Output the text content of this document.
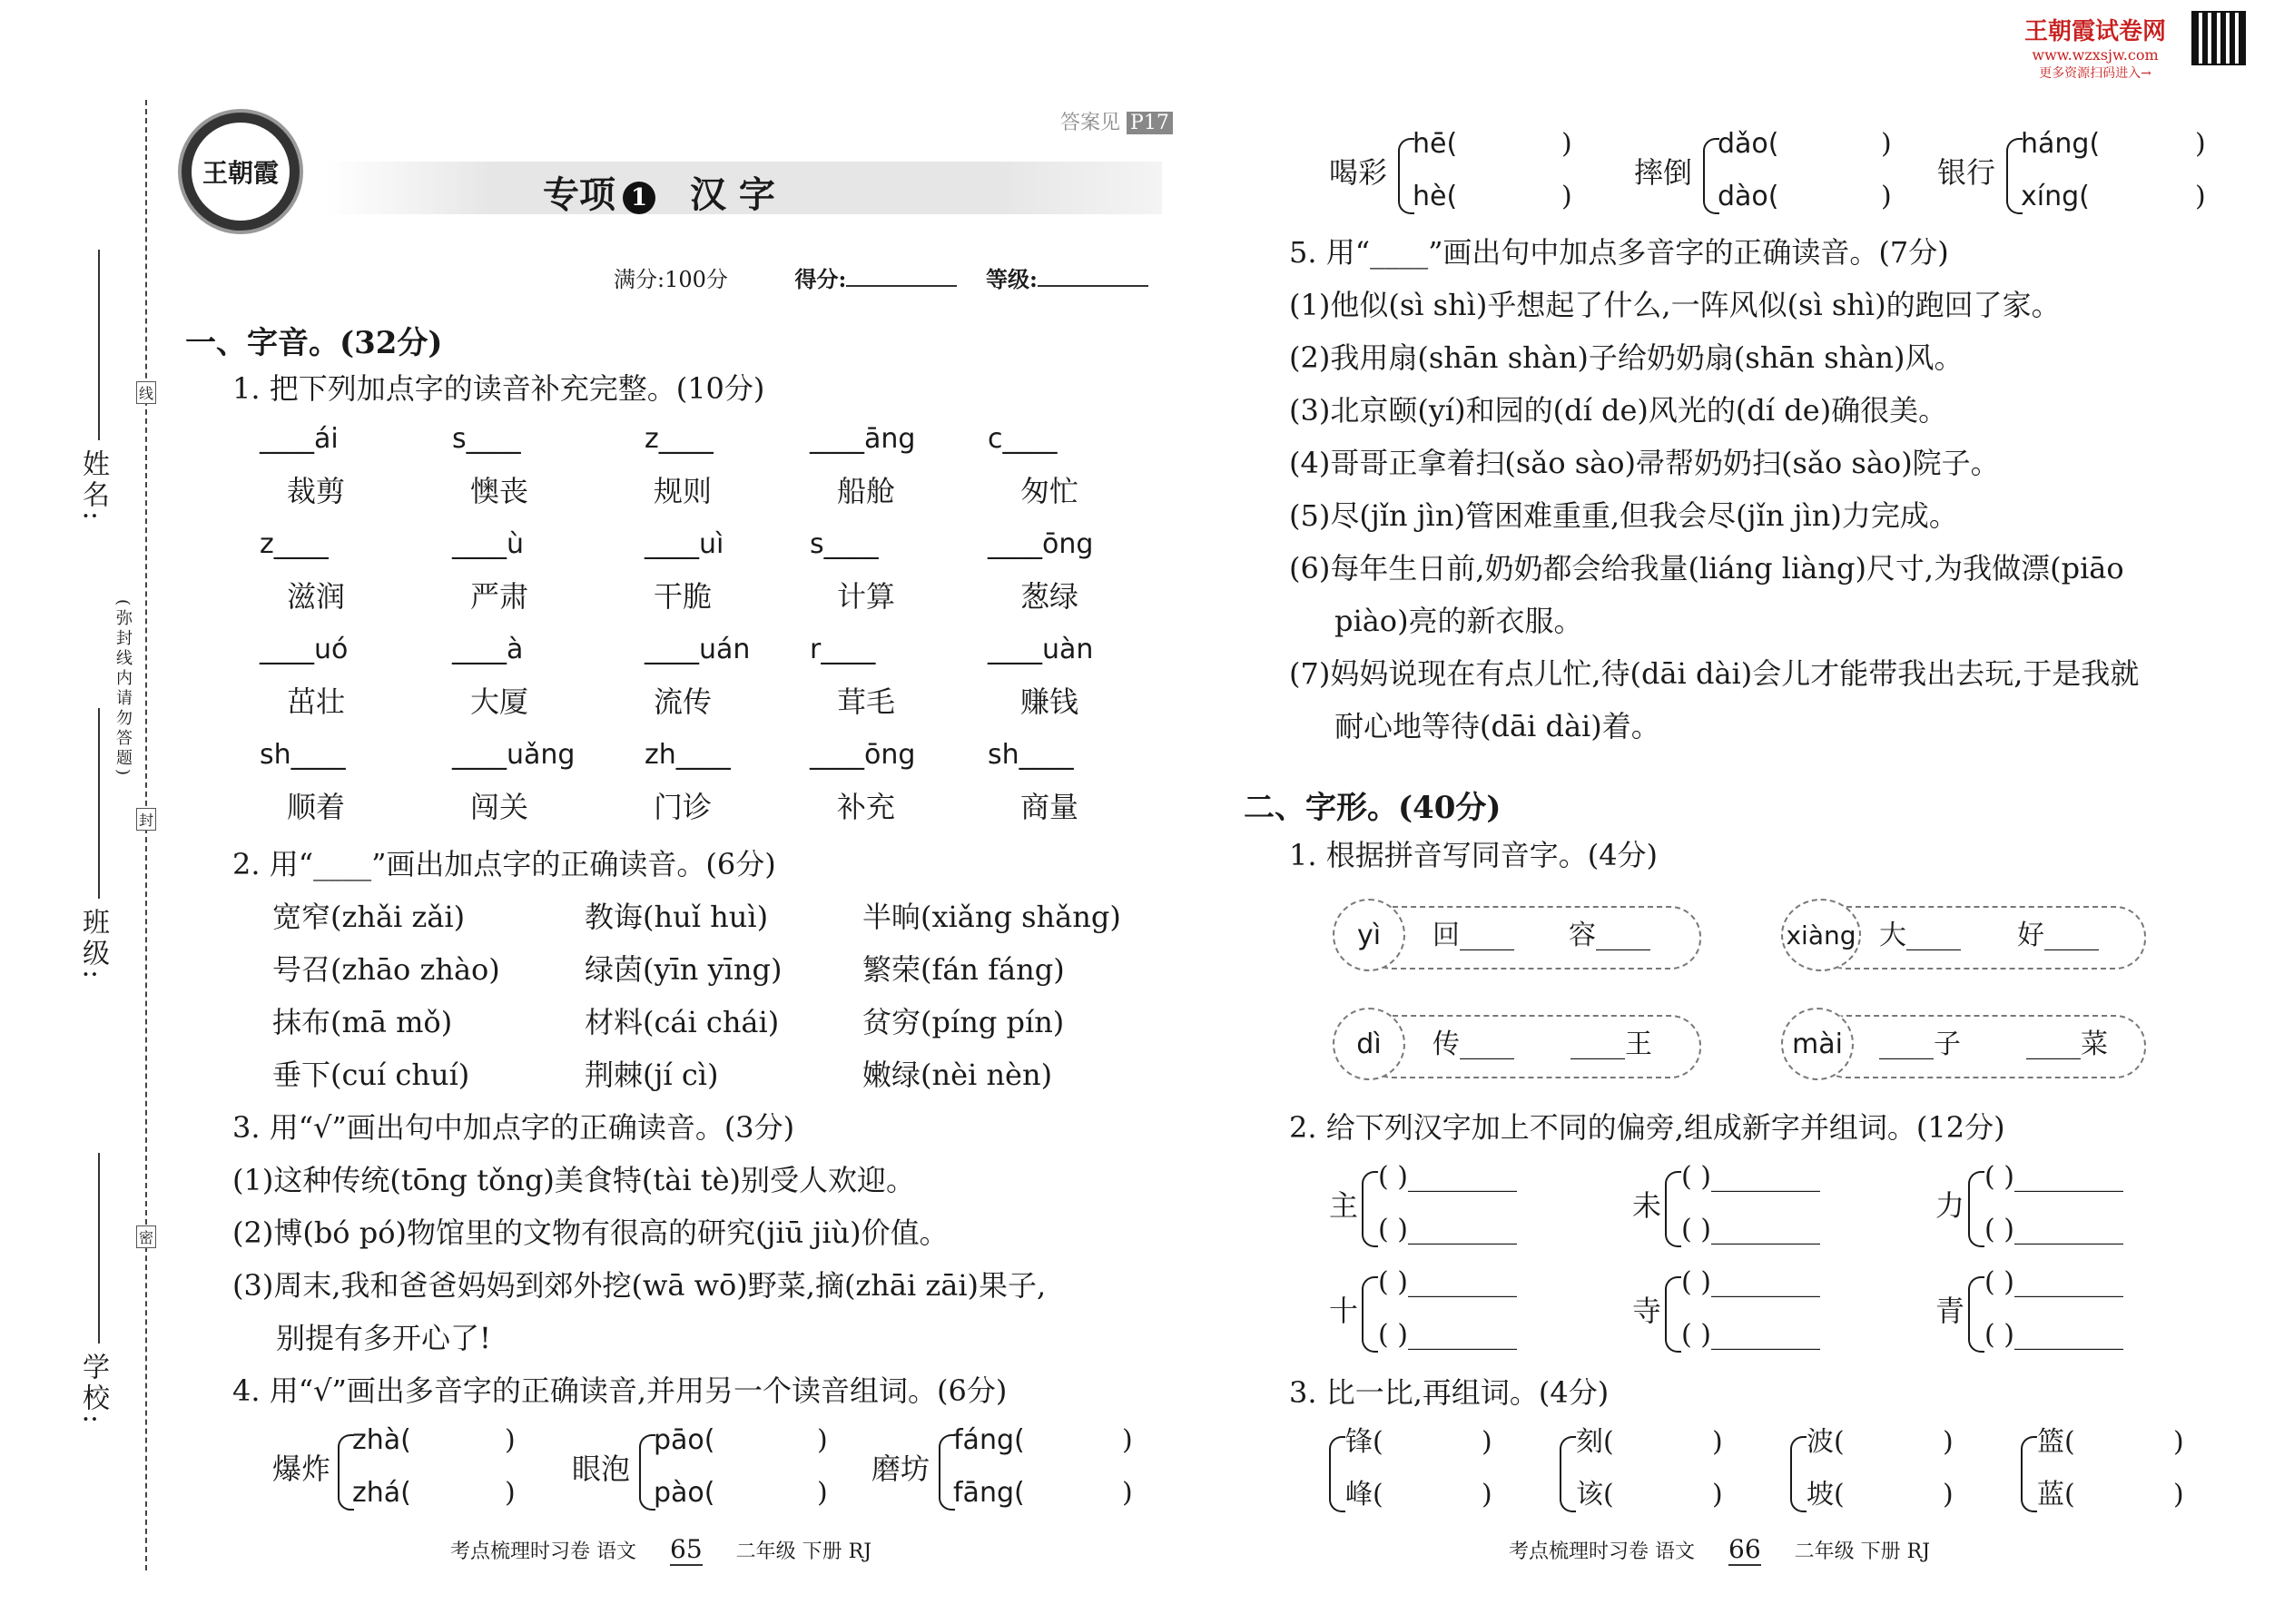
姓名:
班级:
学校:
线
封
密
(弥封线内请勿答题)
王朝霞
答案见 P17
专项 1 汉 字
满分:100分	得分:	等级:
一、字音。(32分)
1. 把下列加点字的读音补充完整。(10分)
____ái	s____	z____	____āng	c____
裁剪	懊丧	规则	船舱	匆忙
z____	____ù	____uì	s____	____ōng
滋润	严肃	干脆	计算	葱绿
____uó	____à	____uán	r____	____uàn
茁壮	大厦	流传	茸毛	赚钱
sh____	____uǎng	zh____	____ōng	sh____
顺着	闯关	门诊	补充	商量
2. 用“____”画出加点字的正确读音。(6分)
宽窄(zhǎi zǎi)	教诲(huǐ huì)	半晌(xiǎng shǎng)
号召(zhāo zhào)	绿茵(yīn yīng)	繁荣(fán fáng)
抹布(mā mǒ)	材料(cái chái)	贫穷(píng pín)
垂下(cuí chuí)	荆棘(jí cì)	嫩绿(nèi nèn)
3. 用“√”画出句中加点字的正确读音。(3分)
(1)这种传统(tōng tǒng)美食特(tài tè)别受人欢迎。
(2)博(bó pó)物馆里的文物有很高的研究(jiū jiù)价值。
(3)周末,我和爸爸妈妈到郊外挖(wā wō)野菜,摘(zhāi zāi)果子,
别提有多开心了!
4. 用“√”画出多音字的正确读音,并用另一个读音组词。(6分)
爆炸
zhà(	)
zhá(	)
眼泡
pāo(	)
pào(	)
磨坊
fáng(	)
fāng(	)
考点梳理时习卷 语文 65 二年级 下册 RJ
王朝霞试卷网
www.wzxsjw.com
更多资源扫码进入→
喝彩
hē(	)
hè(	)
摔倒
dǎo(	)
dào(	)
银行
háng(	)
xíng(	)
5. 用“____”画出句中加点多音字的正确读音。(7分)
(1)他似(sì shì)乎想起了什么,一阵风似(sì shì)的跑回了家。
(2)我用扇(shān shàn)子给奶奶扇(shān shàn)风。
(3)北京颐(yí)和园的(dí de)风光的(dí de)确很美。
(4)哥哥正拿着扫(sǎo sào)帚帮奶奶扫(sǎo sào)院子。
(5)尽(jǐn jìn)管困难重重,但我会尽(jǐn jìn)力完成。
(6)每年生日前,奶奶都会给我量(liáng liàng)尺寸,为我做漂(piāo
piào)亮的新衣服。
(7)妈妈说现在有点儿忙,待(dāi dài)会儿才能带我出去玩,于是我就
耐心地等待(dāi dài)着。
二、字形。(40分)
1. 根据拼音写同音字。(4分)
yì	回____ 容____	xiàng 大____ 好____
dì	传____ ____王	mài	____子 ____菜
2. 给下列汉字加上不同的偏旁,组成新字并组词。(12分)
主
( )________
( )________
未
( )________
( )________
力
( )________
( )________
十
( )________
( )________
寺
( )________
( )________
青
( )________
( )________
3. 比一比,再组词。(4分)
锋(	)
峰(	)
刻(	)
该(	)
波(	)
坡(	)
篮(	)
蓝(	)
考点梳理时习卷 语文 66 二年级 下册 RJ
